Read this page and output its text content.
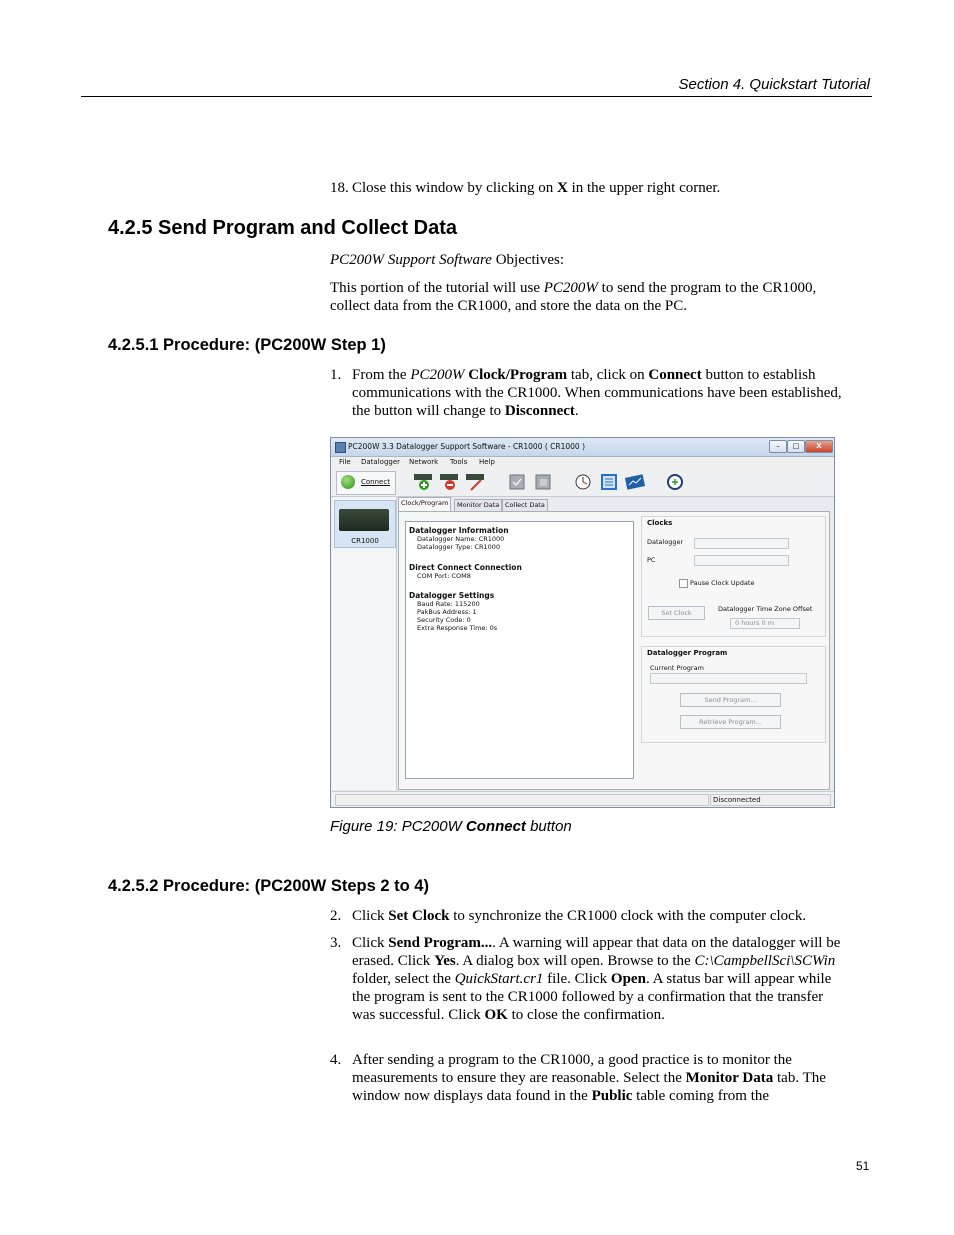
Section 4. Quickstart Tutorial
18. Close this window by clicking on X in the upper right corner.
4.2.5 Send Program and Collect Data
PC200W Support Software Objectives:
This portion of the tutorial will use PC200W to send the program to the CR1000, collect data from the CR1000, and store the data on the PC.
4.2.5.1 Procedure: (PC200W Step 1)
1. From the PC200W Clock/Program tab, click on Connect button to establish communications with the CR1000. When communications have been established, the button will change to Disconnect.
PC200W 3.3 Datalogger Support Software - CR1000 ( CR1000 )	–	□	X
File Datalogger Network Tools Help
Connect
CR1000
Clock/Program	Monitor Data Collect Data
Datalogger Information
Datalogger Name: CR1000
Datalogger Type: CR1000
Direct Connect Connection
COM Port: COM8
Datalogger Settings
Baud Rate: 115200
PakBus Address: 1
Security Code: 0
Extra Response Time: 0s
Clocks
Datalogger
PC
Pause Clock Update
Set Clock	Datalogger Time Zone Offset
0 hours 0 m
Datalogger Program
Current Program
Send Program...
Retrieve Program...
Disconnected
Figure 19: PC200W Connect button
4.2.5.2 Procedure: (PC200W Steps 2 to 4)
2. Click Set Clock to synchronize the CR1000 clock with the computer clock.
3. Click Send Program.... A warning will appear that data on the datalogger will be erased. Click Yes. A dialog box will open. Browse to the C:\CampbellSci\SCWin folder, select the QuickStart.cr1 file. Click Open. A status bar will appear while the program is sent to the CR1000 followed by a confirmation that the transfer was successful. Click OK to close the confirmation.
4. After sending a program to the CR1000, a good practice is to monitor the measurements to ensure they are reasonable. Select the Monitor Data tab. The window now displays data found in the Public table coming from the
51
